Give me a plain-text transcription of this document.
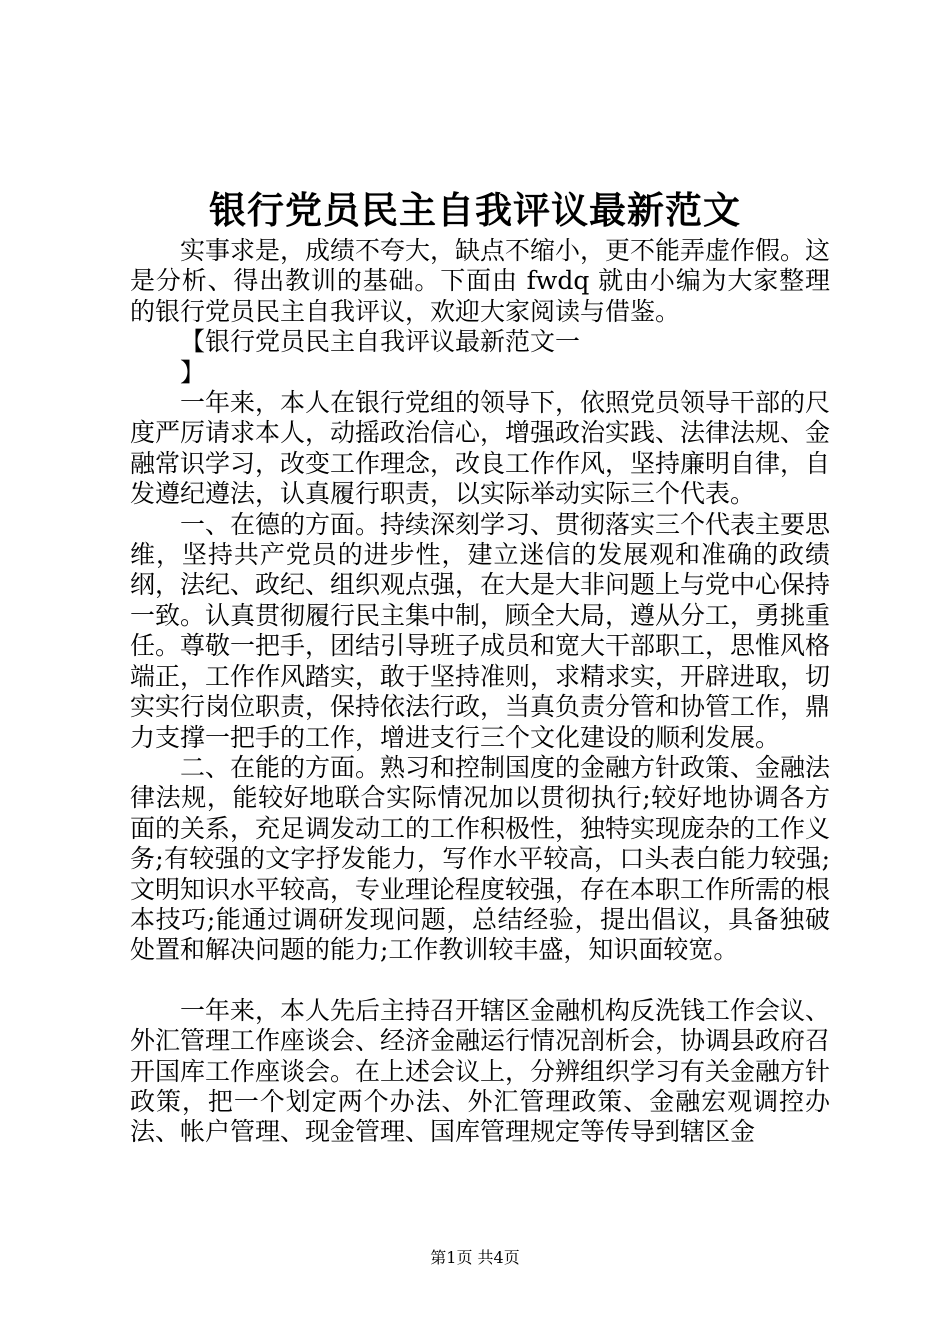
银行党员民主自我评议最新范文

实事求是，成绩不夸大，缺点不缩小，更不能弄虚作假。这是分析、得出教训的基础。下面由 fwdq 就由小编为大家整理的银行党员民主自我评议，欢迎大家阅读与借鉴。

【银行党员民主自我评议最新范文一

】

一年来，本人在银行党组的领导下，依照党员领导干部的尺度严厉请求本人，动摇政治信心，增强政治实践、法律法规、金融常识学习，改变工作理念，改良工作作风，坚持廉明自律，自发遵纪遵法，认真履行职责，以实际举动实际三个代表。

一、在德的方面。持续深刻学习、贯彻落实三个代表主要思维，坚持共产党员的进步性，建立迷信的发展观和准确的政绩纲，法纪、政纪、组织观点强，在大是大非问题上与党中心保持一致。认真贯彻履行民主集中制，顾全大局，遵从分工，勇挑重任。尊敬一把手，团结引导班子成员和宽大干部职工，思惟风格端正，工作作风踏实，敢于坚持准则，求精求实，开辟进取，切实实行岗位职责，保持依法行政，当真负责分管和协管工作，鼎力支撑一把手的工作，增进支行三个文化建设的顺利发展。

二、在能的方面。熟习和控制国度的金融方针政策、金融法律法规，能较好地联合实际情况加以贯彻执行;较好地协调各方面的关系，充足调发动工的工作积极性，独特实现庞杂的工作义务;有较强的文字抒发能力，写作水平较高，口头表白能力较强;文明知识水平较高，专业理论程度较强，存在本职工作所需的根本技巧;能通过调研发现问题，总结经验，提出倡议，具备独破处置和解决问题的能力;工作教训较丰盛，知识面较宽。

一年来，本人先后主持召开辖区金融机构反洗钱工作会议、外汇管理工作座谈会、经济金融运行情况剖析会，协调县政府召开国库工作座谈会。在上述会议上，分辨组织学习有关金融方针政策，把一个划定两个办法、外汇管理政策、金融宏观调控办法、帐户管理、现金管理、国库管理规定等传导到辖区金

第1页 共4页
